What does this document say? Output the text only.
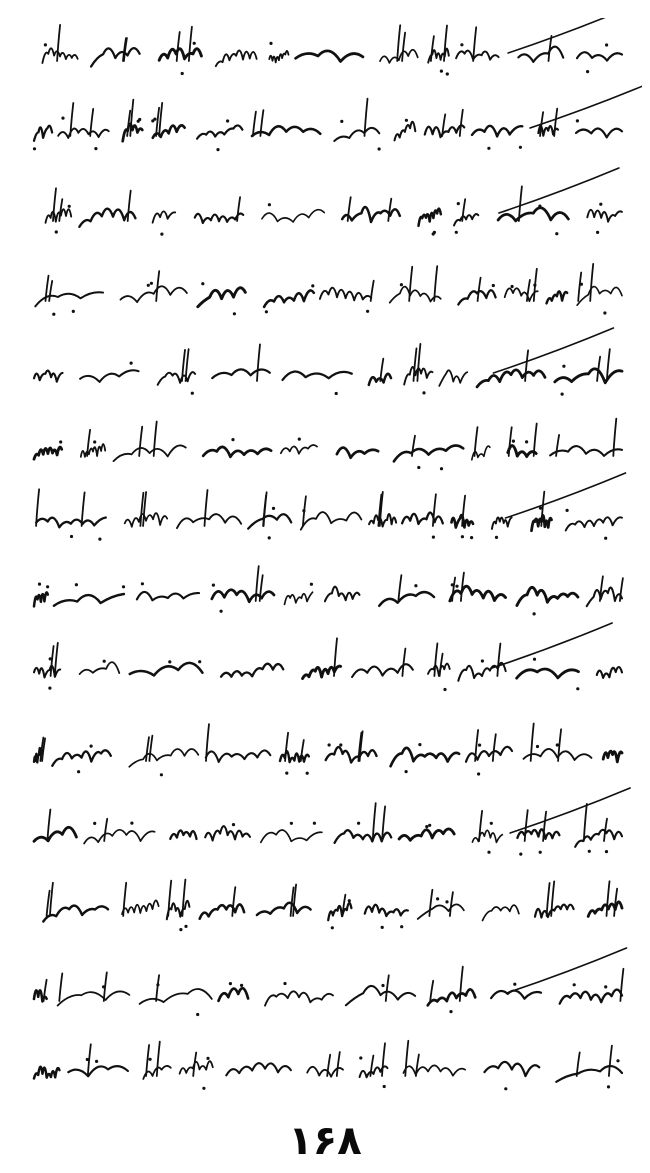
۱۶۸
